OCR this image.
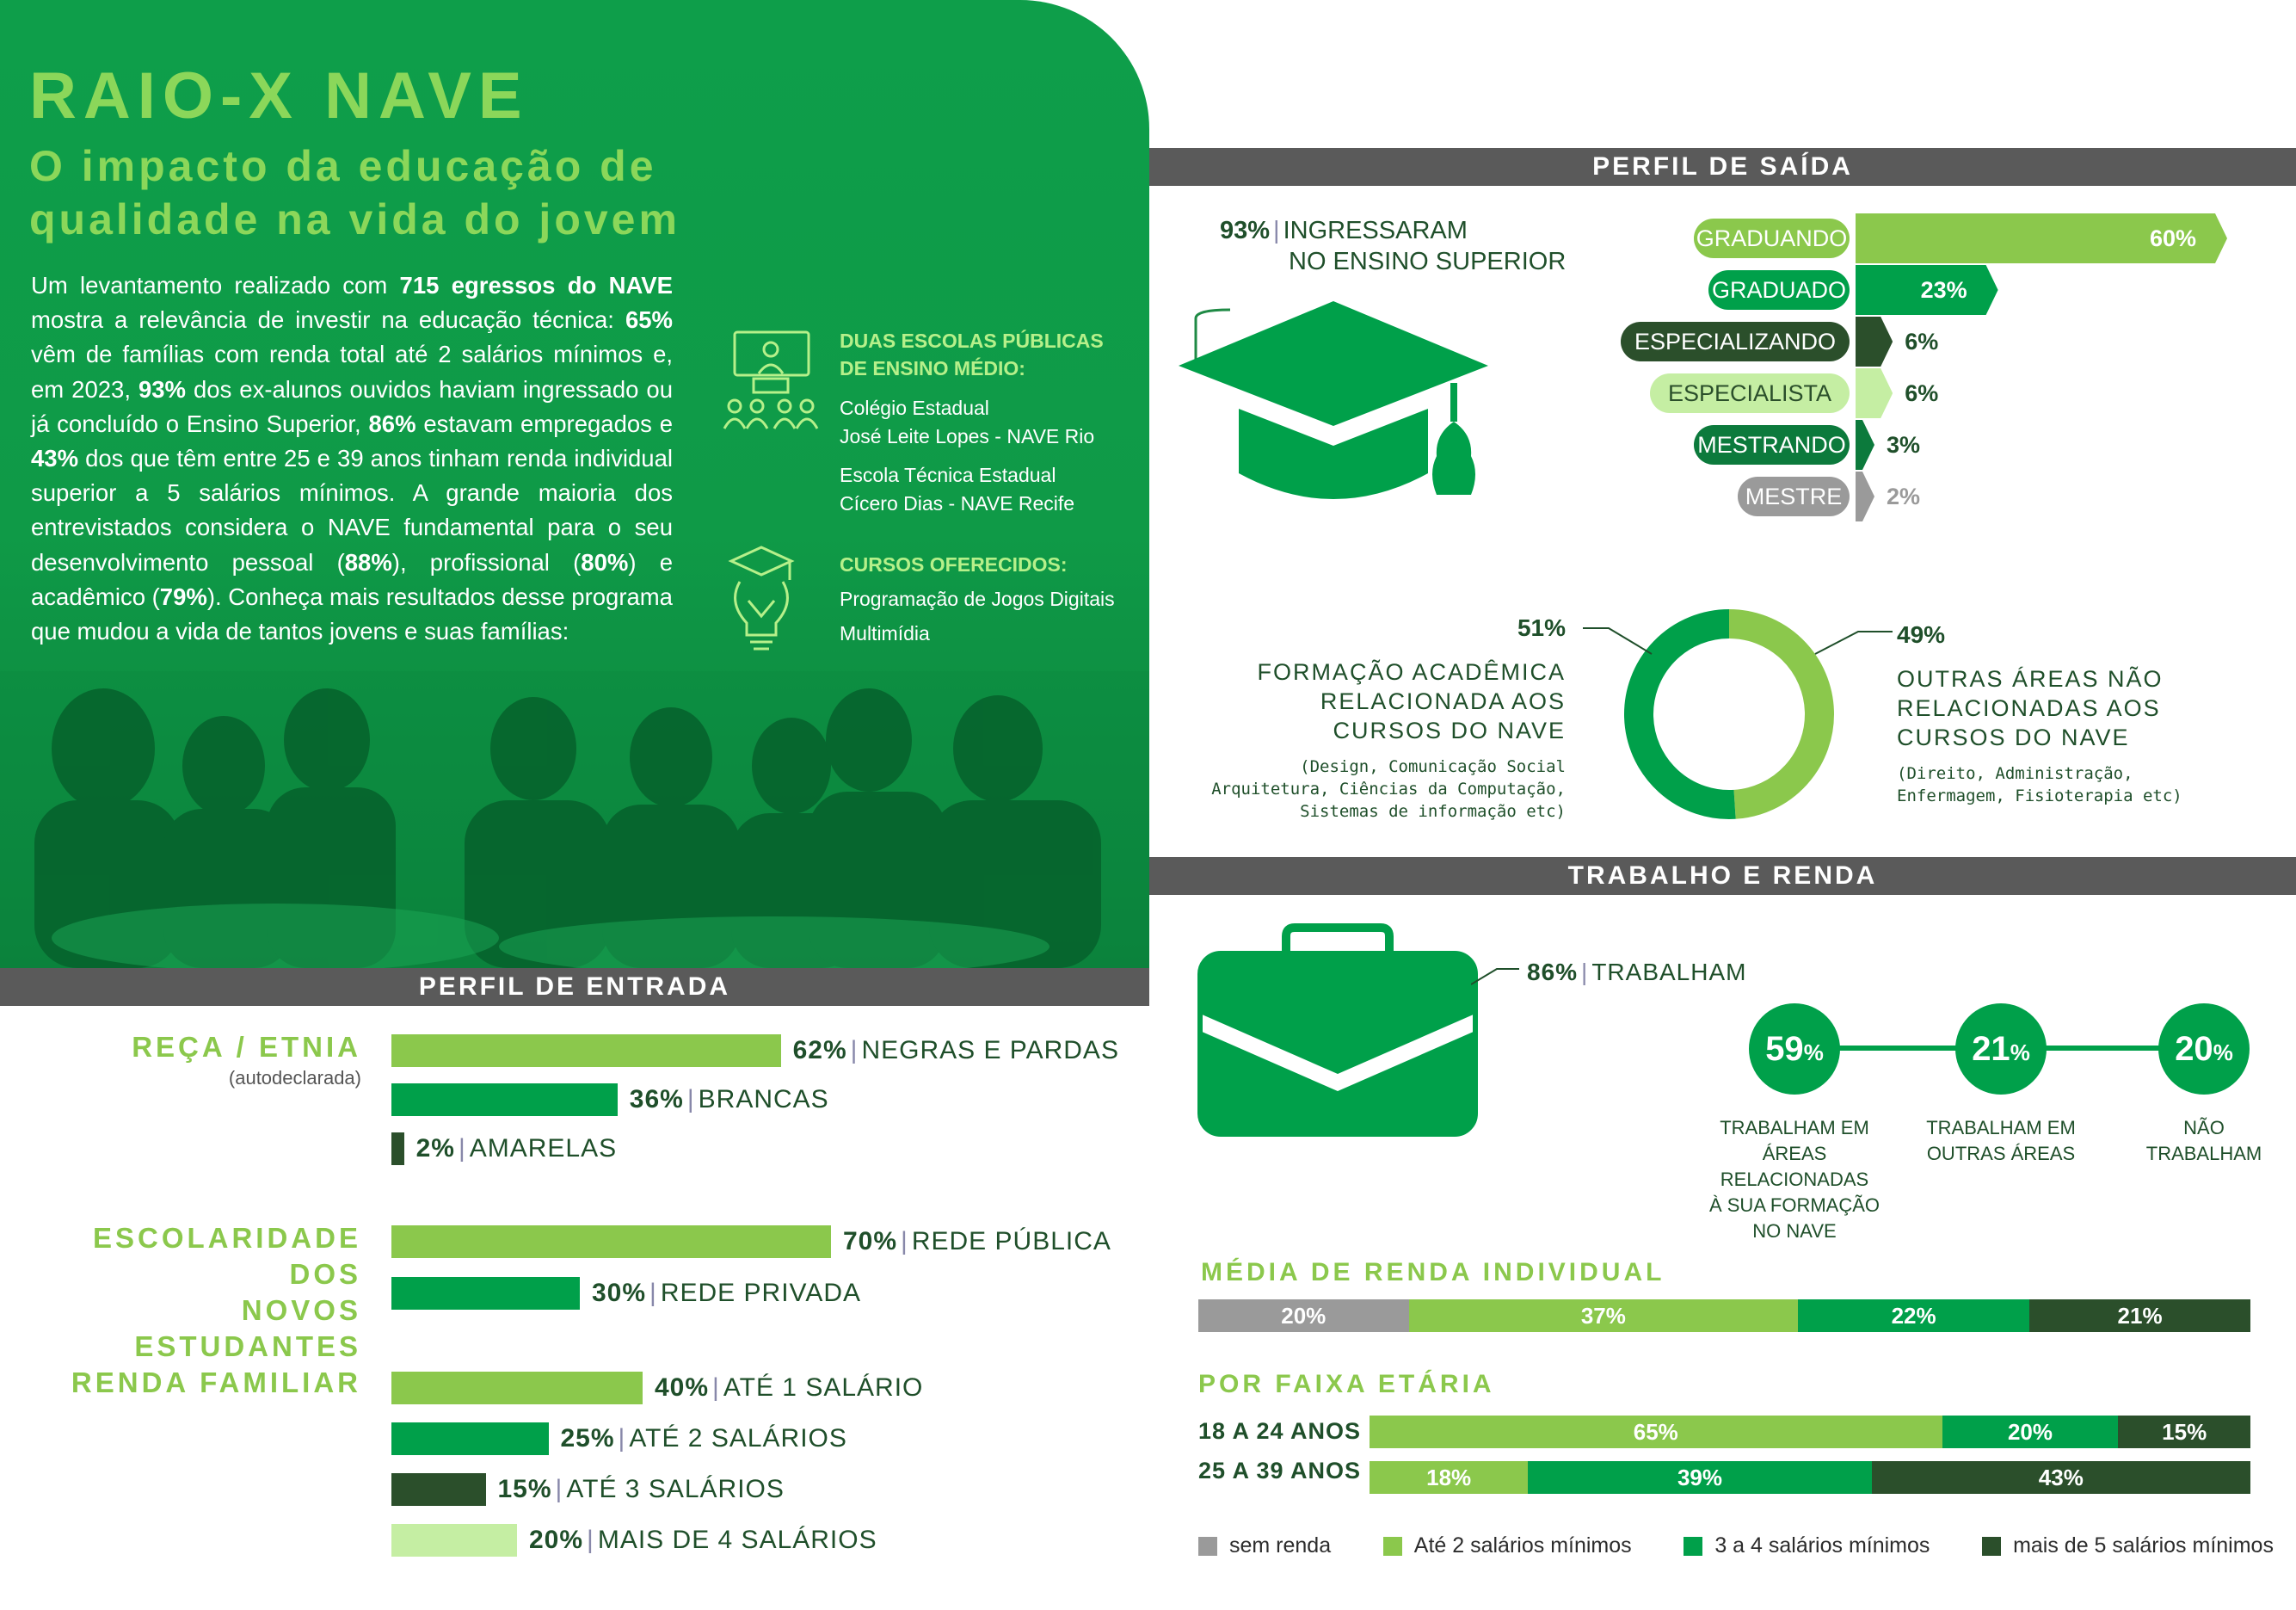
RAIO-X NAVE
O impacto da educação de qualidade na vida do jovem
Um levantamento realizado com 715 egressos do NAVE mostra a relevância de investir na educação técnica: 65% vêm de famílias com renda total até 2 salários mínimos e, em 2023, 93% dos ex-alunos ouvidos haviam ingressado ou já concluído o Ensino Superior, 86% estavam empregados e 43% dos que têm entre 25 e 39 anos tinham renda individual superior a 5 salários mínimos. A grande maioria dos entrevistados considera o NAVE fundamental para o seu desenvolvimento pessoal (88%), profissional (80%) e acadêmico (79%). Conheça mais resultados desse programa que mudou a vida de tantos jovens e suas famílias:
DUAS ESCOLAS PÚBLICAS
DE ENSINO MÉDIO:
Colégio Estadual
José Leite Lopes - NAVE Rio
Escola Técnica Estadual
Cícero Dias - NAVE Recife
CURSOS OFERECIDOS:
Programação de Jogos Digitais
Multimídia
PERFIL DE ENTRADA
REÇA / ETNIA
(autodeclarada)
ESCOLARIDADE DOS
NOVOS ESTUDANTES
RENDA FAMILIAR
62% | NEGRAS E PARDAS
36% | BRANCAS
2% | AMARELAS
70% | REDE PÚBLICA
30% | REDE PRIVADA
40% | ATÉ 1 SALÁRIO
25% | ATÉ 2 SALÁRIOS
15% | ATÉ 3 SALÁRIOS
20% | MAIS DE 4 SALÁRIOS
PERFIL DE SAÍDA
93% | INGRESSARAM
NO ENSINO SUPERIOR
GRADUANDO	60%
GRADUADO	23%
ESPECIALIZANDO	6%
ESPECIALISTA	6%
MESTRANDO 3%
MESTRE	2%
51%
FORMAÇÃO ACADÊMICA
RELACIONADA AOS
CURSOS DO NAVE
(Design, Comunicação Social
Arquitetura, Ciências da Computação,
Sistemas de informação etc)
49%
OUTRAS ÁREAS NÃO
RELACIONADAS AOS
CURSOS DO NAVE
(Direito, Administração,
Enfermagem, Fisioterapia etc)
TRABALHO E RENDA
86% | TRABALHAM
59%
TRABALHAM EM
ÁREAS RELACIONADAS
À SUA FORMAÇÃO
NO NAVE
21%
TRABALHAM EM
OUTRAS ÁREAS
20%
NÃO
TRABALHAM
MÉDIA DE RENDA INDIVIDUAL
20%	37%	22%	21%
POR FAIXA ETÁRIA
18 A 24 ANOS	65%	20%	15%
25 A 39 ANOS	18%	39%	43%
sem renda	Até 2 salários mínimos	3 a 4 salários mínimos	mais de 5 salários mínimos
